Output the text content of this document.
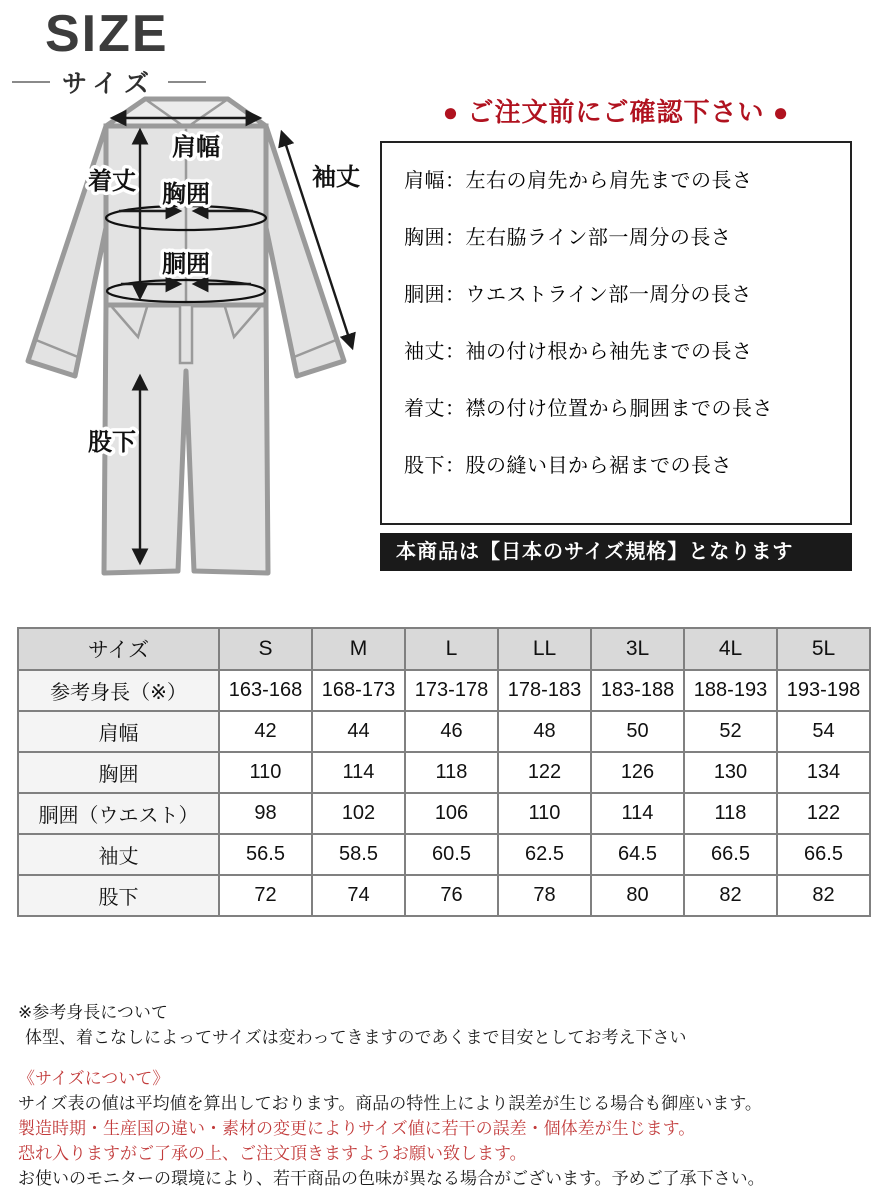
SIZE
サイズ
肩幅
着丈 胸囲
胴囲
袖丈
股下
● ご注文前にご確認下さい ●
肩幅：左右の肩先から肩先までの長さ
胸囲：左右脇ライン部一周分の長さ
胴囲：ウエストライン部一周分の長さ
袖丈：袖の付け根から袖先までの長さ
着丈：襟の付け位置から胴囲までの長さ
股下：股の縫い目から裾までの長さ
本商品は【日本のサイズ規格】となります
サイズ	S	M	L	LL	3L	4L	5L
参考身長（※）	163-168	168-173	173-178	178-183	183-188	188-193	193-198
肩幅	42	44	46	48	50	52	54
胸囲	110	114	118	122	126	130	134
胴囲（ウエスト）	98	102	106	110	114	118	122
袖丈	56.5	58.5	60.5	62.5	64.5	66.5	66.5
股下	72	74	76	78	80	82	82
※参考身長について
体型、着こなしによってサイズは変わってきますのであくまで目安としてお考え下さい
《サイズについて》
サイズ表の値は平均値を算出しております。商品の特性上により誤差が生じる場合も御座います。
製造時期・生産国の違い・素材の変更によりサイズ値に若干の誤差・個体差が生じます。
恐れ入りますがご了承の上、ご注文頂きますようお願い致します。
お使いのモニターの環境により、若干商品の色味が異なる場合がございます。予めご了承下さい。
